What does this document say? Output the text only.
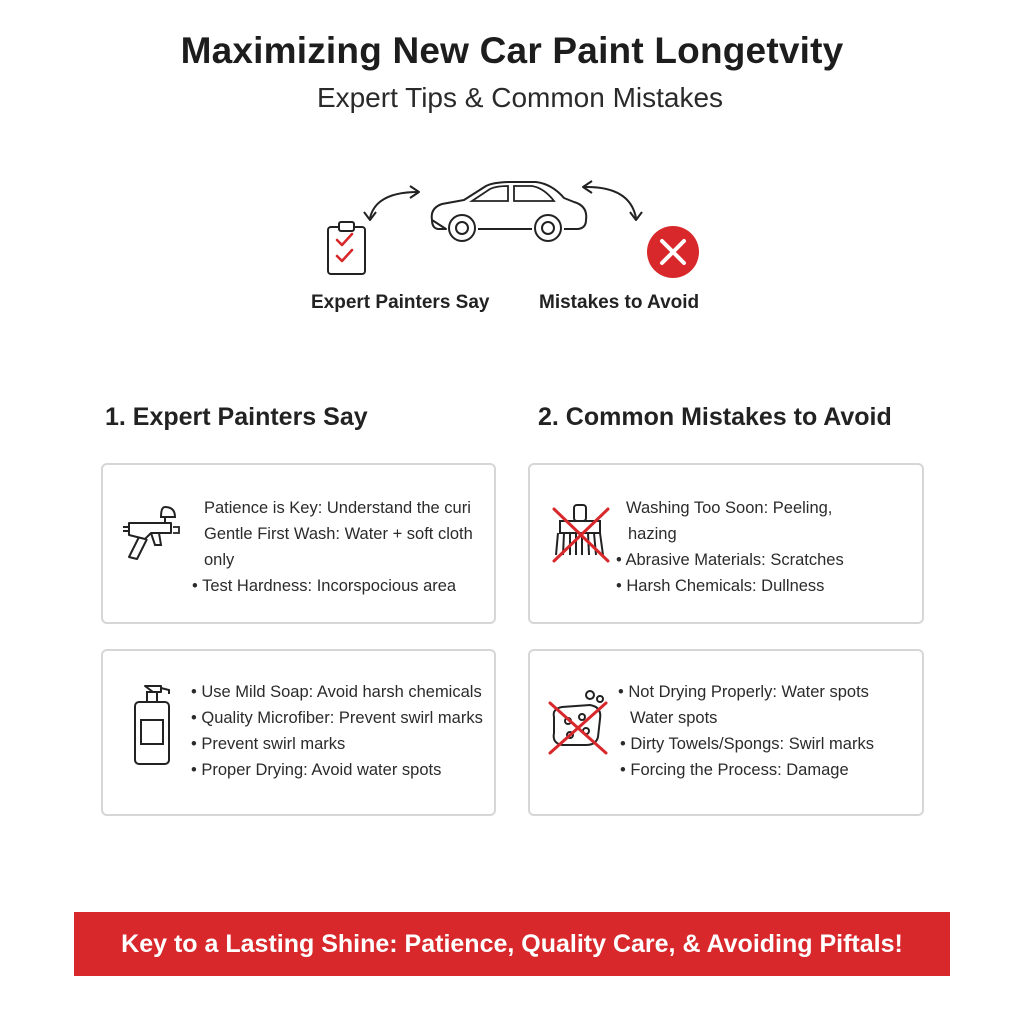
Maximizing New Car Paint Longetvity
Expert Tips & Common Mistakes
Expert Painters Say	Mistakes to Avoid
1. Expert Painters Say	2. Common Mistakes to Avoid
Patience is Key: Understand the curi
Gentle First Wash: Water + soft cloth
only
• Test Hardness: Incorspocious area
• Use Mild Soap: Avoid harsh chemicals
• Quality Microfiber: Prevent swirl marks
• Prevent swirl marks
• Proper Drying: Avoid water spots
Washing Too Soon: Peeling,
hazing
• Abrasive Materials: Scratches
• Harsh Chemicals: Dullness
• Not Drying Properly: Water spots
Water spots
• Dirty Towels/Spongs: Swirl marks
• Forcing the Process: Damage
Key to a Lasting Shine: Patience, Quality Care, & Avoiding Piftals!
